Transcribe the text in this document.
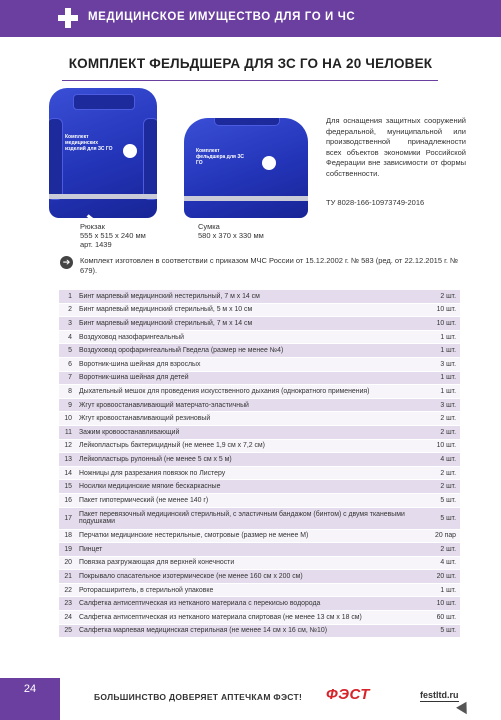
МЕДИЦИНСКОЕ ИМУЩЕСТВО ДЛЯ ГО И ЧС
КОМПЛЕКТ ФЕЛЬДШЕРА ДЛЯ ЗС ГО НА 20 ЧЕЛОВЕК
Комплект медицинских изделий для ЗС ГО	Комплект фельдшера для ЗС ГО
Рюкзак
555 х 515 х 240 мм
арт. 1439
Сумка
580 х 370 х 330 мм
Для оснащения защитных сооружений федеральной, муниципальной или производственной принадлежности всех объектов экономики Российской Федерации вне зависимости от формы собственности.
ТУ 8028-166-10973749-2016
➔	Комплект изготовлен в соответствии с приказом МЧС России от 15.12.2002 г. № 583 (ред. от 22.12.2015 г. № 679).
1	Бинт марлевый медицинский нестерильный, 7 м х 14 см	2 шт.
2	Бинт марлевый медицинский стерильный, 5 м х 10 см	10 шт.
3	Бинт марлевый медицинский стерильный, 7 м х 14 см	10 шт.
4	Воздуховод назофарингеальный	1 шт.
5	Воздуховод орофарингеальный Гведела (размер не менее №4)	1 шт.
6	Воротник-шина шейная для взрослых	3 шт.
7	Воротник-шина шейная для детей	1 шт.
8	Дыхательный мешок для проведения искусственного дыхания (однократного применения)	1 шт.
9	Жгут кровоостанавливающий матерчато-эластичный	3 шт.
10	Жгут кровоостанавливающий резиновый	2 шт.
11	Зажим кровоостанавливающий	2 шт.
12	Лейкопластырь бактерицидный (не менее 1,9 см х 7,2 см)	10 шт.
13	Лейкопластырь рулонный (не менее 5 см х 5 м)	4 шт.
14	Ножницы для разрезания повязок по Листеру	2 шт.
15	Носилки медицинские мягкие бескаркасные	2 шт.
16	Пакет гипотермический (не менее 140 г)	5 шт.
17	Пакет перевязочный медицинский стерильный, с эластичным бандажом (бинтом) с двумя тканевыми подушками	5 шт.
18	Перчатки медицинские нестерильные, смотровые (размер не менее М)	20 пар
19	Пинцет	2 шт.
20	Повязка разгружающая для верхней конечности	4 шт.
21	Покрывало спасательное изотермическое (не менее 160 см х 200 см)	20 шт.
22	Роторасширитель, в стерильной упаковке	1 шт.
23	Салфетка антисептическая из нетканого материала с перекисью водорода	10 шт.
24	Салфетка антисептическая из нетканого материала спиртовая (не менее 13 см х 18 см)	60 шт.
25	Салфетка марлевая медицинская стерильная (не менее 14 см х 16 см, №10)	5 шт.
24
БОЛЬШИНСТВО ДОВЕРЯЕТ АПТЕЧКАМ ФЭСТ! ФЭСТ	festltd.ru
